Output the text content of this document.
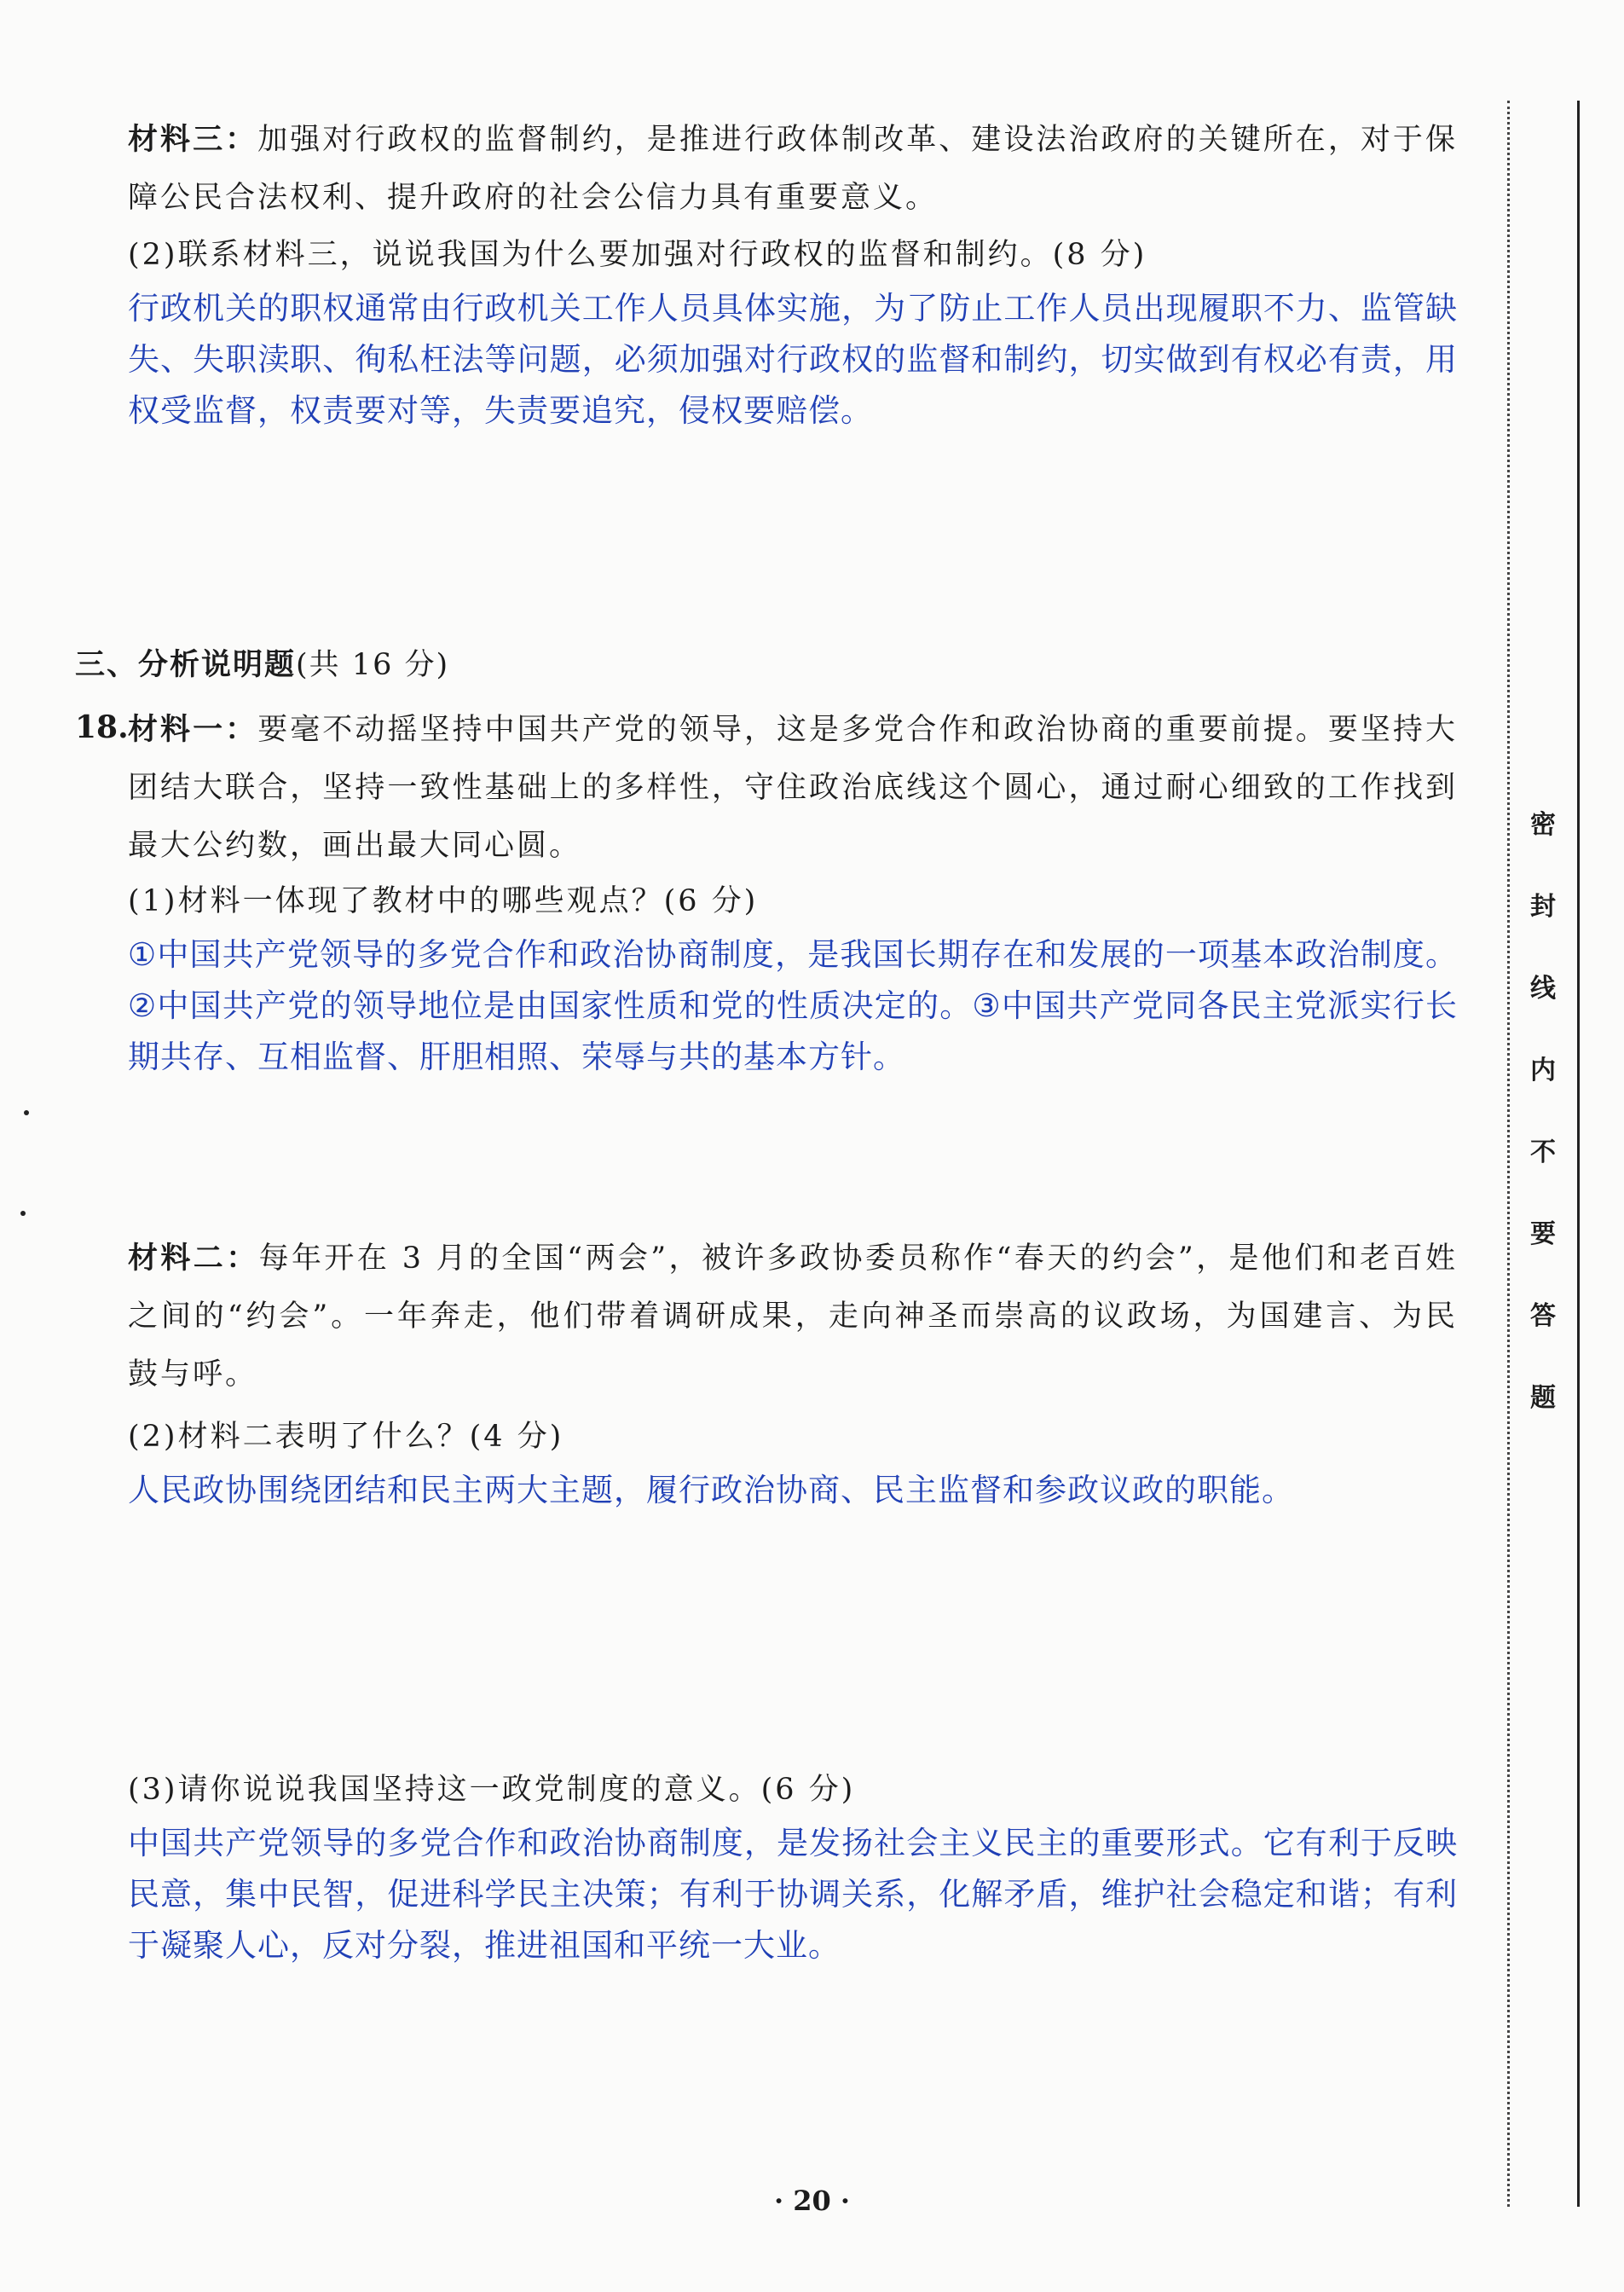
材料三：加强对行政权的监督制约，是推进行政体制改革、建设法治政府的关键所在，对于保障公民合法权利、提升政府的社会公信力具有重要意义。

(2)联系材料三，说说我国为什么要加强对行政权的监督和制约。(8 分)

行政机关的职权通常由行政机关工作人员具体实施，为了防止工作人员出现履职不力、监管缺失、失职渎职、徇私枉法等问题，必须加强对行政权的监督和制约，切实做到有权必有责，用权受监督，权责要对等，失责要追究，侵权要赔偿。

三、分析说明题(共 16 分)
18. 材料一：要毫不动摇坚持中国共产党的领导，这是多党合作和政治协商的重要前提。要坚持大团结大联合，坚持一致性基础上的多样性，守住政治底线这个圆心，通过耐心细致的工作找到最大公约数，画出最大同心圆。

(1)材料一体现了教材中的哪些观点？(6 分)

①中国共产党领导的多党合作和政治协商制度，是我国长期存在和发展的一项基本政治制度。②中国共产党的领导地位是由国家性质和党的性质决定的。③中国共产党同各民主党派实行长期共存、互相监督、肝胆相照、荣辱与共的基本方针。

材料二：每年开在 3 月的全国“两会”，被许多政协委员称作“春天的约会”，是他们和老百姓之间的“约会”。一年奔走，他们带着调研成果，走向神圣而崇高的议政场，为国建言、为民鼓与呼。

(2)材料二表明了什么？(4 分)

人民政协围绕团结和民主两大主题，履行政治协商、民主监督和参政议政的职能。

(3)请你说说我国坚持这一政党制度的意义。(6 分)

中国共产党领导的多党合作和政治协商制度，是发扬社会主义民主的重要形式。它有利于反映民意，集中民智，促进科学民主决策；有利于协调关系，化解矛盾，维护社会稳定和谐；有利于凝聚人心，反对分裂，推进祖国和平统一大业。

密
封
线
内
不
要
答
题
· 20 ·
